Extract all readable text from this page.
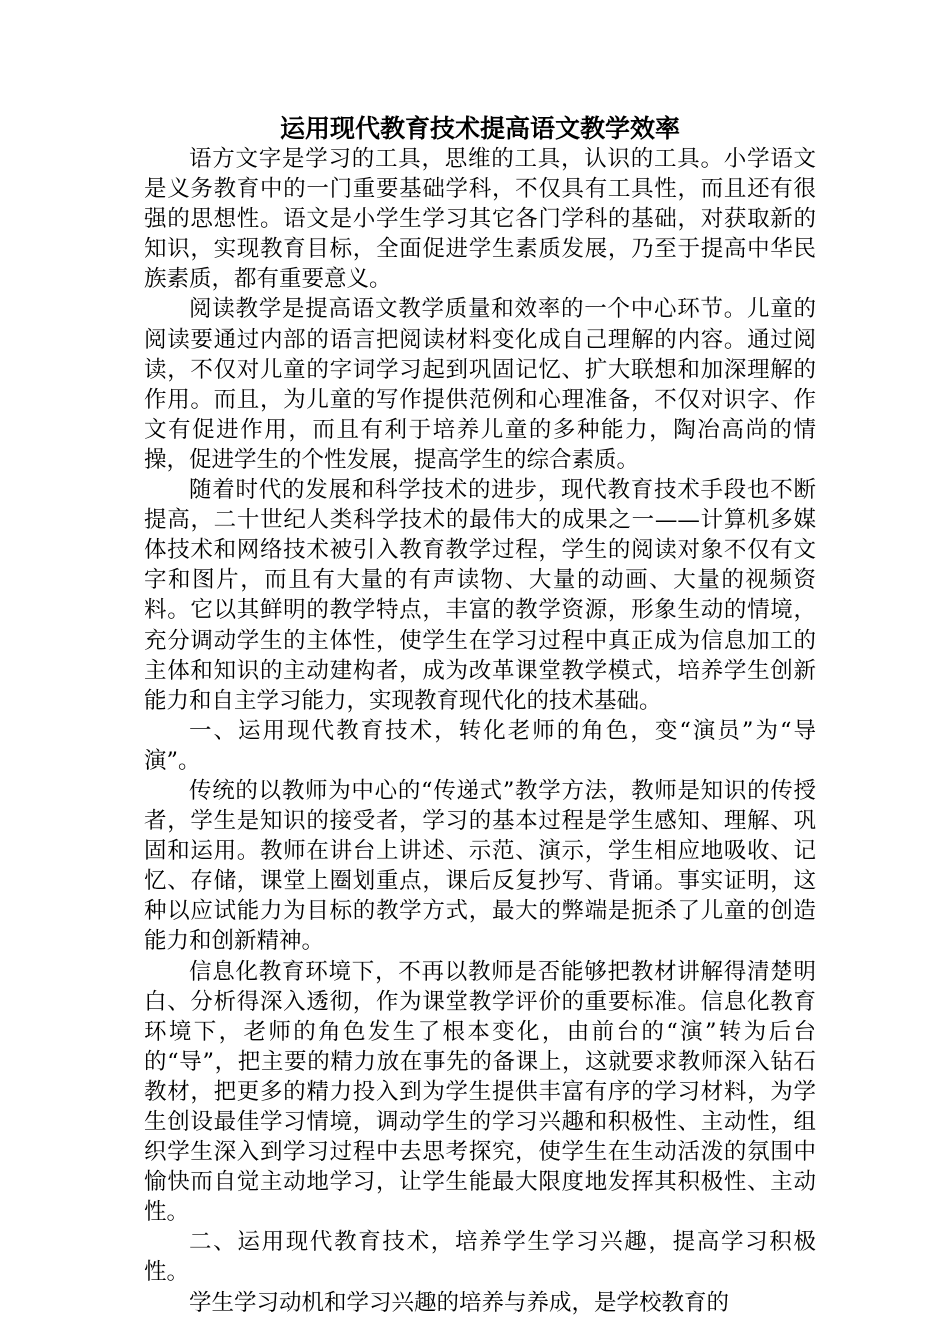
运用现代教育技术提高语文教学效率

语方文字是学习的工具，思维的工具，认识的工具。小学语文是义务教育中的一门重要基础学科，不仅具有工具性，而且还有很强的思想性。语文是小学生学习其它各门学科的基础，对获取新的知识，实现教育目标，全面促进学生素质发展，乃至于提高中华民族素质，都有重要意义。

阅读教学是提高语文教学质量和效率的一个中心环节。儿童的阅读要通过内部的语言把阅读材料变化成自己理解的内容。通过阅读，不仅对儿童的字词学习起到巩固记忆、扩大联想和加深理解的作用。而且，为儿童的写作提供范例和心理准备，不仅对识字、作文有促进作用，而且有利于培养儿童的多种能力，陶冶高尚的情操，促进学生的个性发展，提高学生的综合素质。

随着时代的发展和科学技术的进步，现代教育技术手段也不断提高，二十世纪人类科学技术的最伟大的成果之一——计算机多媒体技术和网络技术被引入教育教学过程，学生的阅读对象不仅有文字和图片，而且有大量的有声读物、大量的动画、大量的视频资料。它以其鲜明的教学特点，丰富的教学资源，形象生动的情境，充分调动学生的主体性，使学生在学习过程中真正成为信息加工的主体和知识的主动建构者，成为改革课堂教学模式，培养学生创新能力和自主学习能力，实现教育现代化的技术基础。

一、运用现代教育技术，转化老师的角色，变“演员”为“导演”。

传统的以教师为中心的“传递式”教学方法，教师是知识的传授者，学生是知识的接受者，学习的基本过程是学生感知、理解、巩固和运用。教师在讲台上讲述、示范、演示，学生相应地吸收、记忆、存储，课堂上圈划重点，课后反复抄写、背诵。事实证明，这种以应试能力为目标的教学方式，最大的弊端是扼杀了儿童的创造能力和创新精神。

信息化教育环境下，不再以教师是否能够把教材讲解得清楚明白、分析得深入透彻，作为课堂教学评价的重要标准。信息化教育环境下，老师的角色发生了根本变化，由前台的“演”转为后台的“导”，把主要的精力放在事先的备课上，这就要求教师深入钻石教材，把更多的精力投入到为学生提供丰富有序的学习材料，为学生创设最佳学习情境，调动学生的学习兴趣和积极性、主动性，组织学生深入到学习过程中去思考探究，使学生在生动活泼的氛围中愉快而自觉主动地学习，让学生能最大限度地发挥其积极性、主动性。

二、运用现代教育技术，培养学生学习兴趣，提高学习积极性。

学生学习动机和学习兴趣的培养与养成，是学校教育的
